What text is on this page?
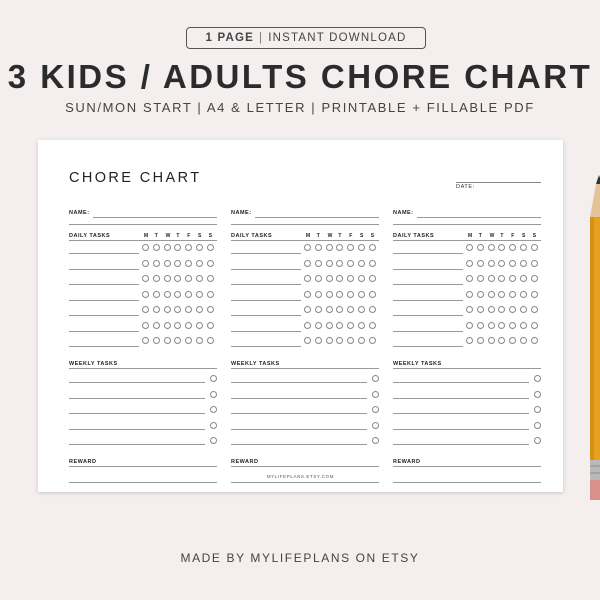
1 PAGE | INSTANT DOWNLOAD
3 KIDS / ADULTS CHORE CHART
SUN/MON START | A4 & LETTER | PRINTABLE + FILLABLE PDF
CHORE CHART
DATE:
NAME:
DAILY TASKS	M	T	W	T	F	S	S
WEEKLY TASKS
REWARD
NAME:
DAILY TASKS	M	T	W	T	F	S	S
WEEKLY TASKS
REWARD
NAME:
DAILY TASKS	M	T	W	T	F	S	S
WEEKLY TASKS
REWARD
MYLIFEPLANS.ETSY.COM
MADE BY MYLIFEPLANS ON ETSY
